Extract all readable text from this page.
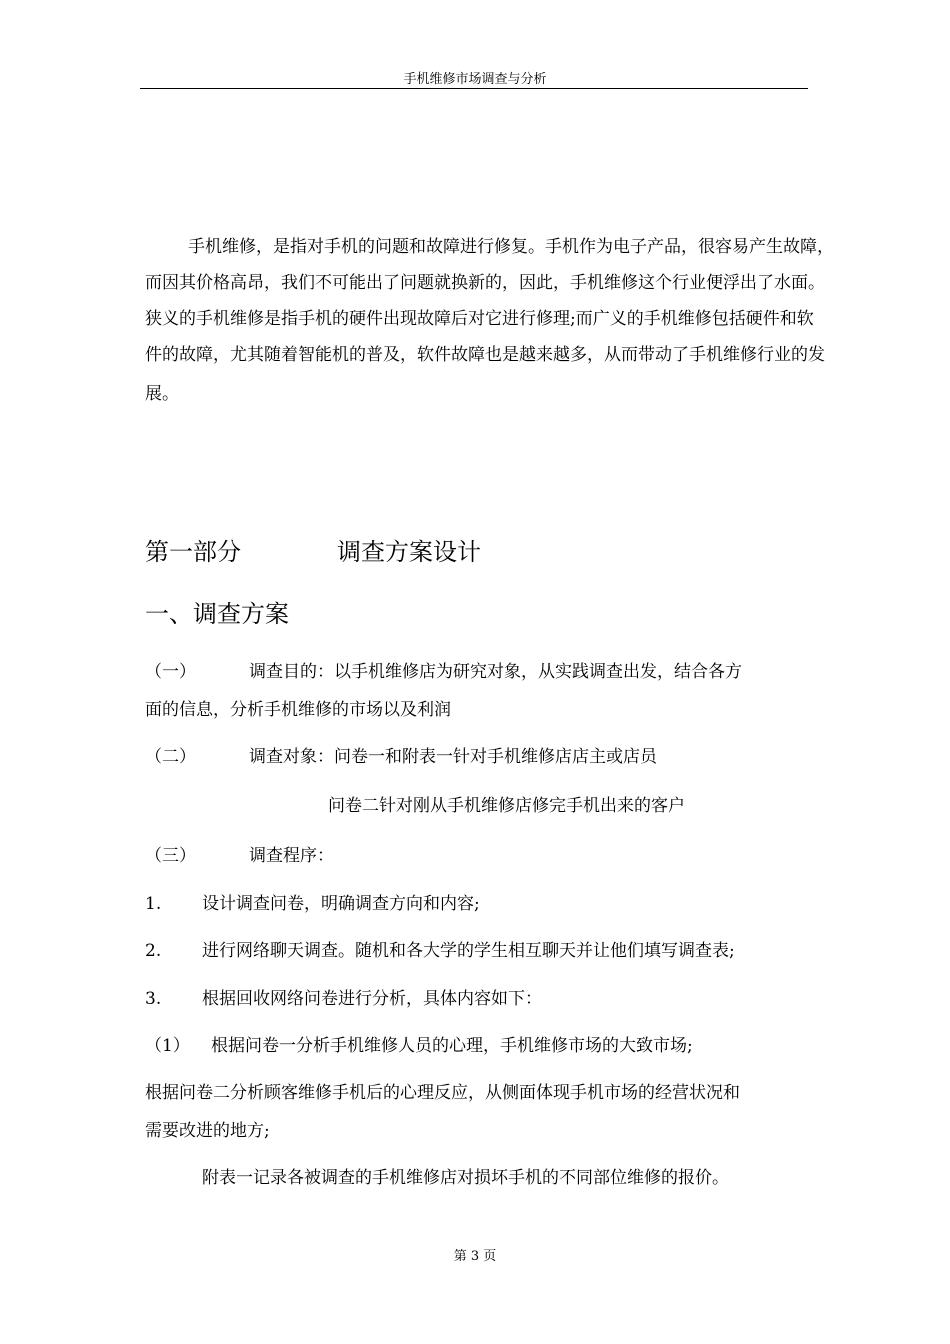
手机维修市场调查与分析
手机维修，是指对手机的问题和故障进行修复。手机作为电子产品，很容易产生故障，
而因其价格高昂，我们不可能出了问题就换新的，因此，手机维修这个行业便浮出了水面。
狭义的手机维修是指手机的硬件出现故障后对它进行修理;而广义的手机维修包括硬件和软
件的故障，尤其随着智能机的普及，软件故障也是越来越多，从而带动了手机维修行业的发
展。
第一部分	调查方案设计
一、调查方案
（一）	调查目的：以手机维修店为研究对象，从实践调查出发，结合各方
面的信息，分析手机维修的市场以及利润
（二）	调查对象：问卷一和附表一针对手机维修店店主或店员
问卷二针对刚从手机维修店修完手机出来的客户
（三）	调查程序：
1. 设计调查问卷，明确调查方向和内容;
2. 进行网络聊天调查。随机和各大学的学生相互聊天并让他们填写调查表;
3. 根据回收网络问卷进行分析，具体内容如下：
（1） 根据问卷一分析手机维修人员的心理，手机维修市场的大致市场;
根据问卷二分析顾客维修手机后的心理反应，从侧面体现手机市场的经营状况和
需要改进的地方;
附表一记录各被调查的手机维修店对损坏手机的不同部位维修的报价。
第 3 页
